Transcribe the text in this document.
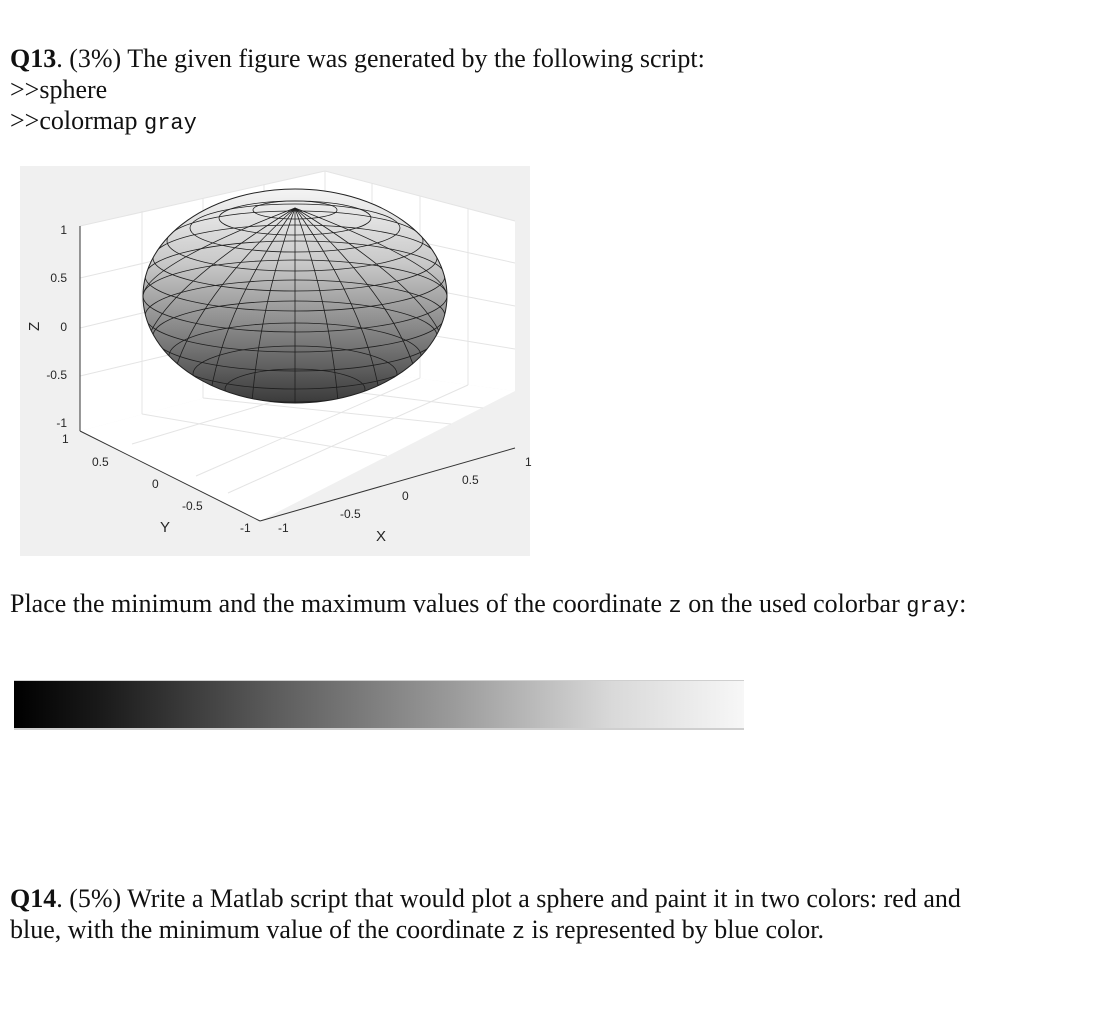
Q13. (3%) The given figure was generated by the following script:
>>sphere
>>colormap gray
1
0.5
0
-0.5
-1
Z
1
0.5
0
-0.5
-1
Y	-1
-0.5
0
0.5
1
X
Place the minimum and the maximum values of the coordinate z on the used colorbar gray:
Q14. (5%) Write a Matlab script that would plot a sphere and paint it in two colors: red and
blue, with the minimum value of the coordinate z is represented by blue color.
